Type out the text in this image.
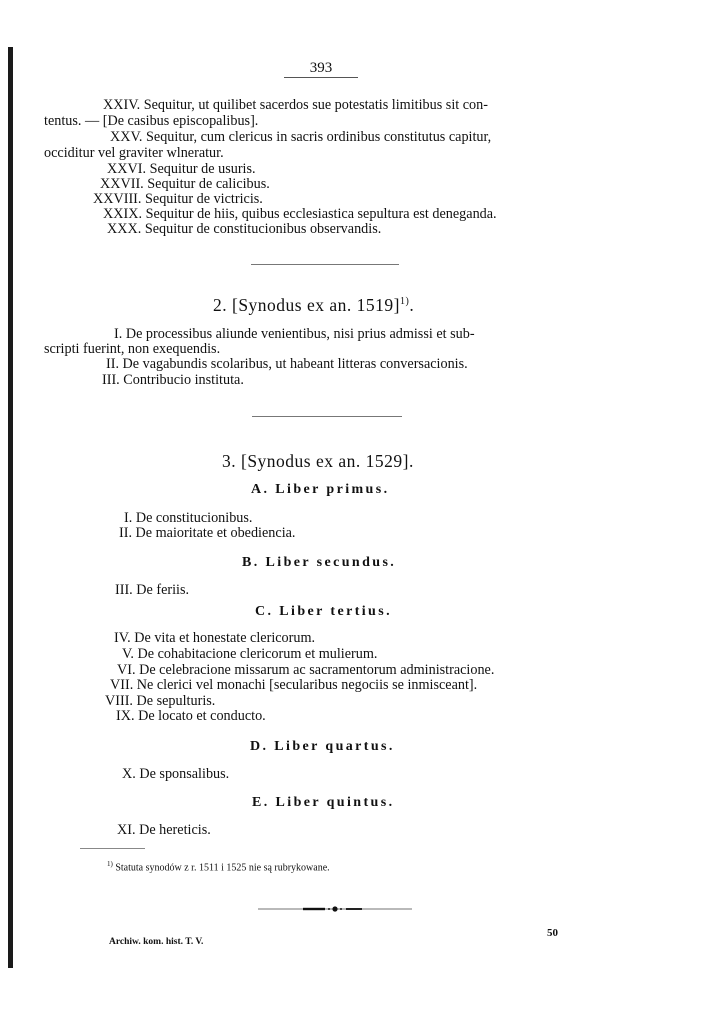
393
XXIV. Sequitur, ut quilibet sacerdos sue potestatis limitibus sit con-
tentus. — [De casibus episcopalibus].
XXV. Sequitur, cum clericus in sacris ordinibus constitutus capitur,
occiditur vel graviter wlneratur.
XXVI. Sequitur de usuris.
XXVII. Sequitur de calicibus.
XXVIII. Sequitur de victricis.
XXIX. Sequitur de hiis, quibus ecclesiastica sepultura est deneganda.
XXX. Sequitur de constitucionibus observandis.
2. [Synodus ex an. 1519]$^{1)}$.
I. De processibus aliunde venientibus, nisi prius admissi et sub-
scripti fuerint, non exequendis.
II. De vagabundis scolaribus, ut habeant litteras conversacionis.
III. Contribucio instituta.
3. [Synodus ex an. 1529].
A. Liber primus.
I. De constitucionibus.
II. De maioritate et obediencia.
B. Liber secundus.
III. De feriis.
C. Liber tertius.
IV. De vita et honestate clericorum.
V. De cohabitacione clericorum et mulierum.
VI. De celebracione missarum ac sacramentorum administracione.
VII. Ne clerici vel monachi [secularibus negociis se inmisceant].
VIII. De sepulturis.
IX. De locato et conducto.
D. Liber quartus.
X. De sponsalibus.
E. Liber quintus.
XI. De hereticis.
$^{1)}$ Statuta synodów z r. 1511 i 1525 nie są rubrykowane.
Archiw. kom. hist. T. V.
50
